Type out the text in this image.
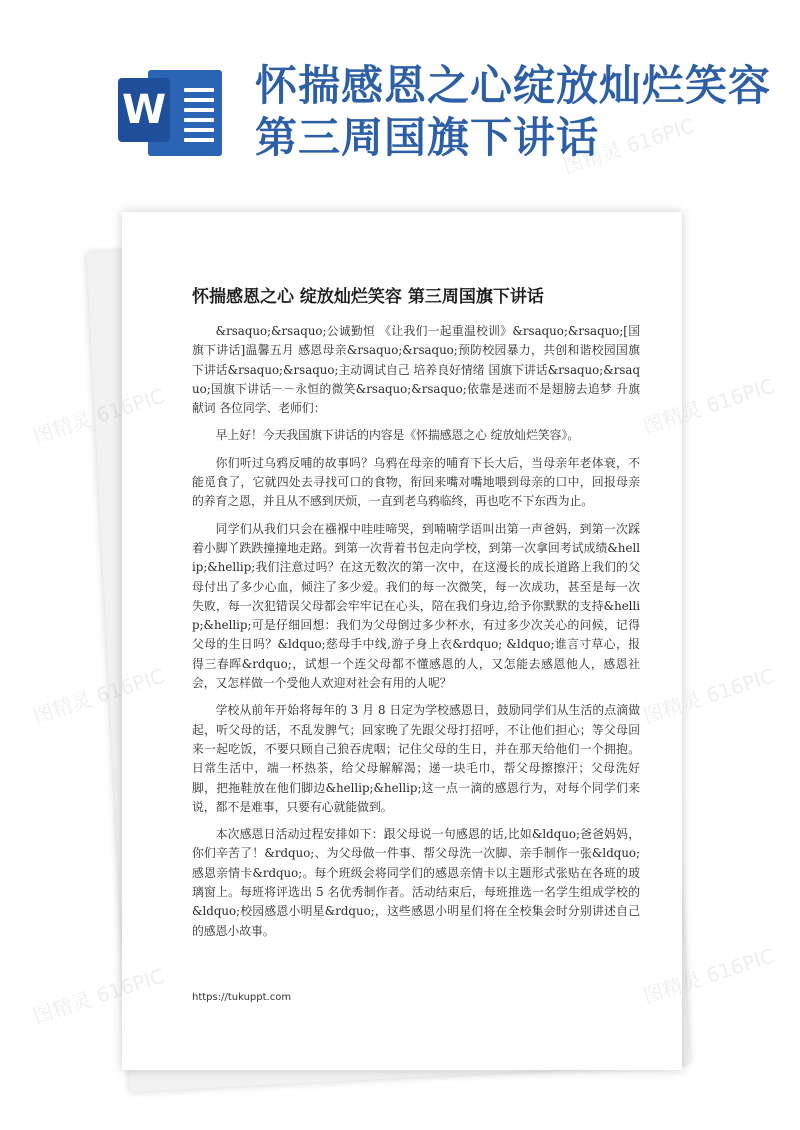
W 怀揣感恩之心绽放灿烂笑容第三周国旗下讲话
怀揣感恩之心 绽放灿烂笑容 第三周国旗下讲话

&rsaquo;&rsaquo;公诚勤恒 《让我们一起重温校训》&rsaquo;&rsaquo;[国旗下讲话]温馨五月 感恩母亲&rsaquo;&rsaquo;预防校园暴力，共创和谐校园国旗下讲话&rsaquo;&rsaquo;主动调试自己 培养良好情绪 国旗下讲话&rsaquo;&rsaquo;国旗下讲话－－永恒的微笑&rsaquo;&rsaquo;依靠是迷而不是翅膀去追梦 升旗献词 各位同学、老师们：

早上好！今天我国旗下讲话的内容是《怀揣感恩之心 绽放灿烂笑容》。

你们听过乌鸦反哺的故事吗？乌鸦在母亲的哺育下长大后，当母亲年老体衰，不能觅食了，它就四处去寻找可口的食物，衔回来嘴对嘴地喂到母亲的口中，回报母亲的养育之恩，并且从不感到厌烦，一直到老乌鸦临终，再也吃不下东西为止。

同学们从我们只会在襁褓中哇哇啼哭，到喃喃学语叫出第一声爸妈，到第一次踩着小脚丫跌跌撞撞地走路。到第一次背着书包走向学校，到第一次拿回考试成绩&hellip;&hellip;我们注意过吗？在这无数次的第一次中，在这漫长的成长道路上我们的父母付出了多少心血，倾注了多少爱。我们的每一次微笑，每一次成功，甚至是每一次失败，每一次犯错误父母都会牢牢记在心头，陪在我们身边,给予你默默的支持&hellip;&hellip;可是仔细回想：我们为父母倒过多少杯水，有过多少次关心的问候，记得父母的生日吗？&ldquo;慈母手中线,游子身上衣&rdquo; &ldquo;谁言寸草心，报得三春晖&rdquo;，试想一个连父母都不懂感恩的人，又怎能去感恩他人，感恩社会，又怎样做一个受他人欢迎对社会有用的人呢？

学校从前年开始将每年的 3 月 8 日定为学校感恩日，鼓励同学们从生活的点滴做起，听父母的话，不乱发脾气；回家晚了先跟父母打招呼，不让他们担心；等父母回来一起吃饭，不要只顾自己狼吞虎咽；记住父母的生日，并在那天给他们一个拥抱。日常生活中，端一杯热茶，给父母解解渴；递一块毛巾，帮父母擦擦汗；父母洗好脚，把拖鞋放在他们脚边&hellip;&hellip;这一点一滴的感恩行为，对每个同学们来说，都不是难事，只要有心就能做到。

本次感恩日活动过程安排如下：跟父母说一句感恩的话,比如&ldquo;爸爸妈妈，你们辛苦了！&rdquo;、为父母做一件事、帮父母洗一次脚、亲手制作一张&ldquo;感恩亲情卡&rdquo;。每个班级会将同学们的感恩亲情卡以主题形式张贴在各班的玻璃窗上。每班将评选出 5 名优秀制作者。活动结束后，每班推选一名学生组成学校的&ldquo;校园感恩小明星&rdquo;，这些感恩小明星们将在全校集会时分别讲述自己的感恩小故事。

https://tukuppt.com
图精灵 616PIC
图精灵	图精灵 616PIC
图精灵 616PIC	图精灵 616PIC
图精灵 616PIC	图精灵 616PIC
